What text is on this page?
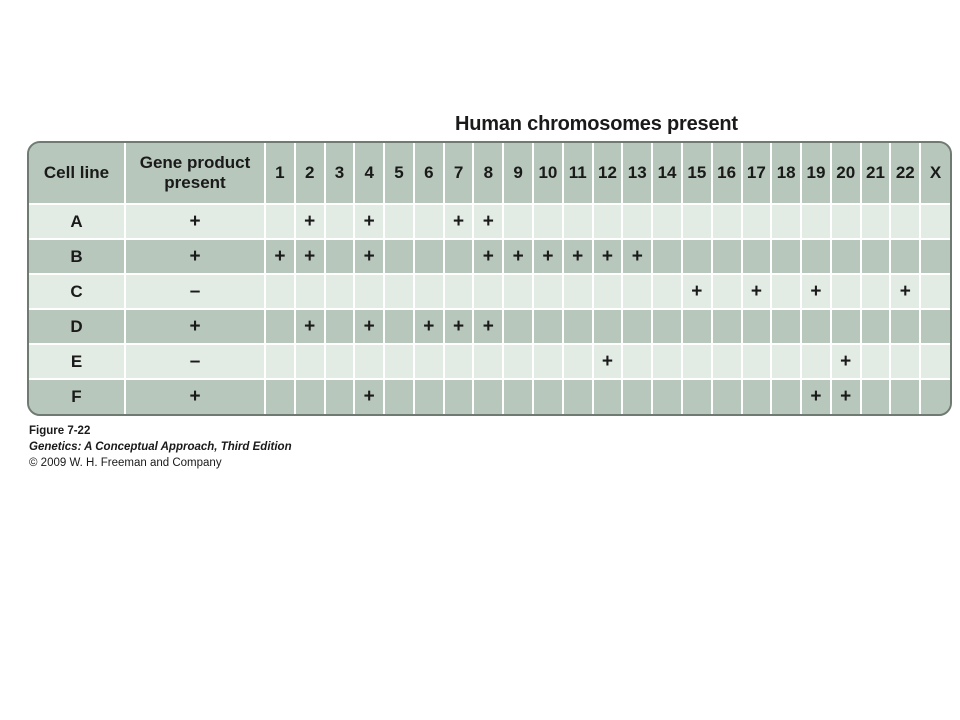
Human chromosomes present
Cell line	Gene product present	1	2	3	4	5	6	7	8	9	10	11	12	13	14	15	16	17	18	19	20	21	22	X
A	+		+		+			+	+															
B	+	+	+		+				+	+	+	+	+	+										
C	–															+		+		+			+	
D	+		+		+		+	+	+															
E	–												+								+			
F	+				+															+	+			
Figure 7-22
Genetics: A Conceptual Approach, Third Edition
© 2009 W. H. Freeman and Company
